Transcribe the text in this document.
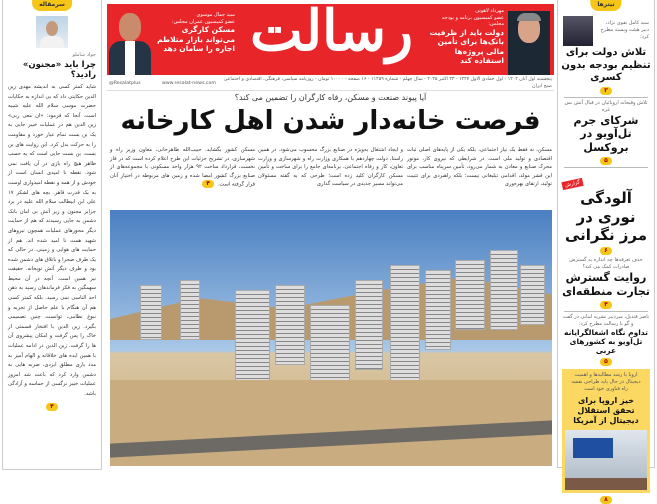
سرمقاله
جواد شاملو
چرا باید «مجنون» رادید؟
شاید کمتر کسی به اندیشه مهدی زین الدین حکایتی داد که بی اندازه به حکایات حضرت موسی سلام الله علیه شبیه است. آنجا که فرمود: «ان معی ربی» زین الدین هم در عملیات خیبر جایی به یک بن بست تمام عیار خورد و مقاومت را به حرکت بدل کرد. این روایت های بن بست، بن بست جایی است که به حسب ظاهر هیچ راه بازی در آن یافت نمی شود. نقطه نا امیدی انسان است از خودش و از همه و نقطه امیدواری اوست به یک قدرت قاهر. بچه های لشکر ۱۷ علی ابن ابیطالب سلام الله علیه در برد جزایر مجنون و زیر آتش بی امان بانک دشمن به جایی رسیدند که هم از حمایت دیگر محورهای عملیات همچون نیروهای شهید همت نا امید شده اند. هم از حمایت های هوایی و زمینی. در حالی که یک طرف صحرا و باتلاق های دشمن شده بود و طرف دیگر آتش توپخانه. حقیقت نیز همین است. آنچه در آن محیط سهمگین به فکر فرماندهان رسید به ذهن احد الناسی نمی رسید. بلکه کمتر کسی هم آن هنگام با علم حاصل از تجربه و نبوغ نظامی، توانست چنین تصمیمی بگیرد. زین الدین با افتخار قسمتی از خاک را پس گرفت و امکان پیشروی آن ها را گرفت. زین الدین در ادامه عملیات با همین ایده های خلاقانه و الهام آمیز به مدد باری مطلق ایزدی، ضربه هایی به دشمن وارد کرد که باعث شد امروز عملیات خیبر نرگسی از حماسه و آزادگی باشد.
۴
مهرداد لاهوتی
عضو کمیسیون برنامه و بودجه مجلس:
دولت باید از ظرفیت بانک‌ها برای تأمین مالی پروژه‌ها استفاده کند
رسالت
سید جمال موسوی
عضو کمیسیون عمران مجلس:
مسکن کارگری می‌تواند بازار متلاطم اجاره را سامان دهد
پنجشنبه اول آبان ۱۴۰۴ - اول جمادی الاول ۱۴۴۷ - ۲۳ اکتبر ۲۰۲۵ - سال چهلم - شماره ۱۱۴۵۹ - ۱۶ صفحه - ۱۰۰۰۰ تومان - روزنامه سیاسی، فرهنگی، اقتصادی و اجتماعی صبح ایران
www.resalat-news.com
@Resalatplus
آیا پیوند صنعت و مسکن، رفاه کارگران را تضمین می کند؟
فرصت خانه‌دار شدن اهل کارخانه
مسکن، نه فقط یک نیاز اجتماعی، بلکه یکی از پایه‌های اصلی ثبات اقتصادی و تولید ملی است. در شرایطی که نیروی کار، موتور محرک صنایع و معادن به شمار می‌رود، تأمین سرپناه مناسب برای این قشر مولد، اقدامی تبلیغاتی نیست؛ بلکه راهبردی برای تثبیت تولید، ارتقای بهره‌وری
و ایجاد اشتغال به‌ویژه در صنایع بزرگ محسوب می‌شود. در همین راستا، دولت چهاردهم با همکاری وزارت راه و شهرسازی و وزارت تعاون، کار و رفاه اجتماعی، برنامه‌ای جامع را برای ساخت و تأمین مسکن کارگران کلید زده است؛ طرحی که به گفته مسئولان می‌تواند مسیر جدیدی در سیاست گذاری
مسکن کشور بگشاید. حبیب‌الله طاهرخانی، معاون وزیر راه و شهرسازی، در تشریح جزئیات این طرح اعلام کرده است که در فاز نخست، قرارداد ساخت ۹۲ هزار واحد مسکونی با مجموعه‌های از صنایع بزرگ کشور امضا شده و زمین های مربوطه در اختیار آنان قرار گرفته است. ۴
تیترها
سید کامل تقوی نژاد، دبیر هیئت ویسته مطرح کرد:
تلاش دولت برای تنظیم بودجه بدون کسری
۳
تلاش وقیحانه اروپائیان در قبال آتش بس غزه
شرکای جرم تل‌آویو در بروکسل
۵
گزارش
آلودگی نوری در مرز نگرانی
۶
حذف تعرفه‌ها چه اندازه به گسترش صادرات کمک می کند؟
روایت گسترش تجارت منطقه‌ای
۴
ناصر قندیل، سردبیر نشریه لبنانی در گفت و گو با رسالت مطرح کرد:
تداوم نگاه اشغالگرایانه تل‌آویو به کشورهای عربی
۵
اروپا با رشد مطالبه‌ها و اهمیت دیجیتال در حال پایه طراحی نقشه راه فناوری خود است
خیز اروپا برای تحقق استقلال دیجیتال از آمریکا
۸
